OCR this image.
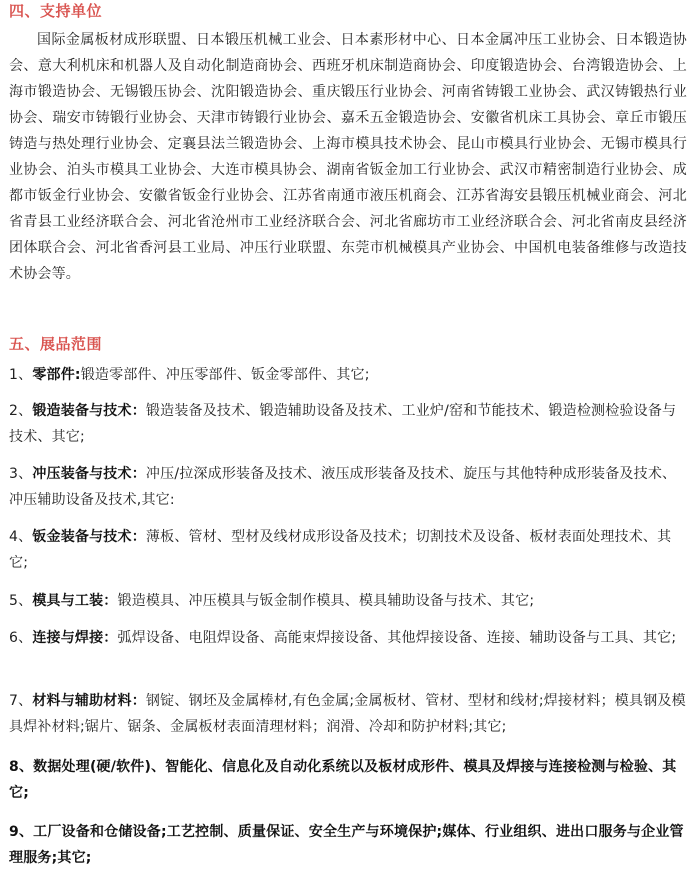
四、支持单位

国际金属板材成形联盟、日本锻压机械工业会、日本素形材中心、日本金属冲压工业协会、日本锻造协会、意大利机床和机器人及自动化制造商协会、西班牙机床制造商协会、印度锻造协会、台湾锻造协会、上海市锻造协会、无锡锻压协会、沈阳锻造协会、重庆锻压行业协会、河南省铸锻工业协会、武汉铸锻热行业协会、瑞安市铸锻行业协会、天津市铸锻行业协会、嘉禾五金锻造协会、安徽省机床工具协会、章丘市锻压铸造与热处理行业协会、定襄县法兰锻造协会、上海市模具技术协会、昆山市模具行业协会、无锡市模具行业协会、泊头市模具工业协会、大连市模具协会、湖南省钣金加工行业协会、武汉市精密制造行业协会、成都市钣金行业协会、安徽省钣金行业协会、江苏省南通市液压机商会、江苏省海安县锻压机械业商会、河北省青县工业经济联合会、河北省沧州市工业经济联合会、河北省廊坊市工业经济联合会、河北省南皮县经济团体联合会、河北省香河县工业局、冲压行业联盟、东莞市机械模具产业协会、中国机电装备维修与改造技术协会等。

五、展品范围

1、零部件:锻造零部件、冲压零部件、钣金零部件、其它;

2、锻造装备与技术：锻造装备及技术、锻造辅助设备及技术、工业炉/窑和节能技术、锻造检测检验设备与技术、其它;

3、冲压装备与技术：冲压/拉深成形装备及技术、液压成形装备及技术、旋压与其他特种成形装备及技术、冲压辅助设备及技术,其它:

4、钣金装备与技术：薄板、管材、型材及线材成形设备及技术；切割技术及设备、板材表面处理技术、其它;

5、模具与工装：锻造模具、冲压模具与钣金制作模具、模具辅助设备与技术、其它;

6、连接与焊接：弧焊设备、电阻焊设备、高能束焊接设备、其他焊接设备、连接、辅助设备与工具、其它;

7、材料与辅助材料：钢锭、钢坯及金属棒材,有色金属;金属板材、管材、型材和线材;焊接材料；模具钢及模具焊补材料;锯片、锯条、金属板材表面清理材料；润滑、冷却和防护材料;其它;

8、数据处理(硬/软件)、智能化、信息化及自动化系统以及板材成形件、模具及焊接与连接检测与检验、其它;

9、工厂设备和仓储设备;工艺控制、质量保证、安全生产与环境保护;媒体、行业组织、进出口服务与企业管理服务;其它;
